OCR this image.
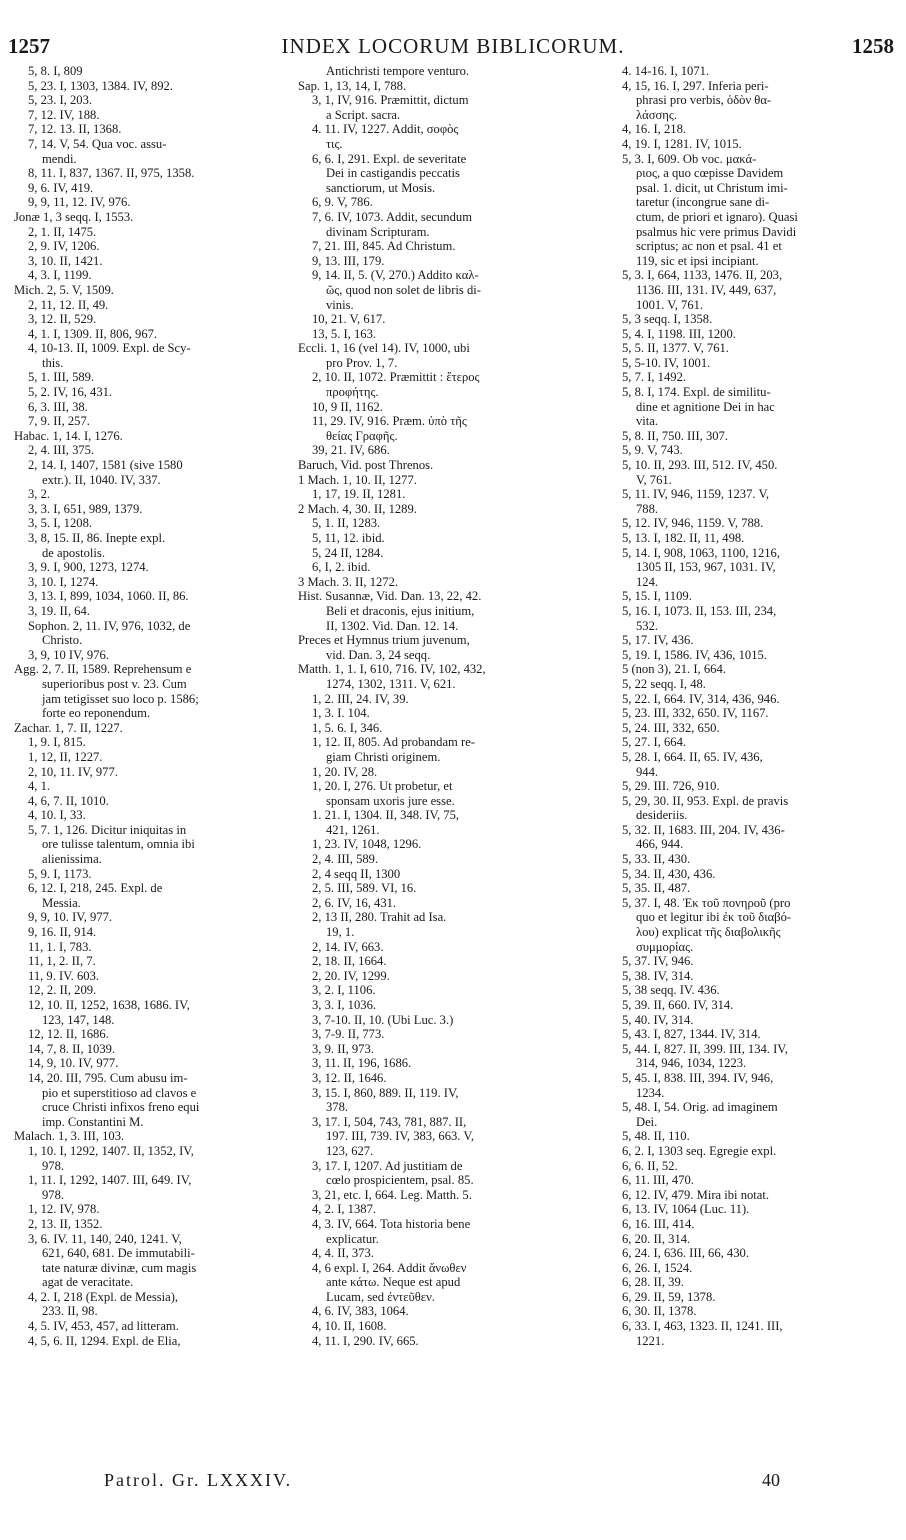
1257	INDEX LOCORUM BIBLICORUM.	1258
5, 8. I, 809
5, 23. I, 1303, 1384. IV, 892.
5, 23. I, 203.
7, 12. IV, 188.
7, 12. 13. II, 1368.
7, 14. V, 54. Qua voc. assu-
mendi.
8, 11. I, 837, 1367. II, 975, 1358.
9, 6. IV, 419.
9, 9, 11, 12. IV, 976.
Jonæ 1, 3 seqq. I, 1553.
2, 1. II, 1475.
2, 9. IV, 1206.
3, 10. II, 1421.
4, 3. I, 1199.
Mich. 2, 5. V, 1509.
2, 11, 12. II, 49.
3, 12. II, 529.
4, 1. I, 1309. II, 806, 967.
4, 10-13. II, 1009. Expl. de Scy-
this.
5, 1. III, 589.
5, 2. IV, 16, 431.
6, 3. III, 38.
7, 9. II, 257.
Habac. 1, 14. I, 1276.
2, 4. III, 375.
2, 14. I, 1407, 1581 (sive 1580
extr.). II, 1040. IV, 337.
3, 2.
3, 3. I, 651, 989, 1379.
3, 5. I, 1208.
3, 8, 15. II, 86. Inepte expl.
de apostolis.
3, 9. I, 900, 1273, 1274.
3, 10. I, 1274.
3, 13. I, 899, 1034, 1060. II, 86.
3, 19. II, 64.
Sophon. 2, 11. IV, 976, 1032, de
Christo.
3, 9, 10 IV, 976.
Agg. 2, 7. II, 1589. Reprehensum e
superioribus post v. 23. Cum
jam tetigisset suo loco p. 1586;
forte eo reponendum.
Zachar. 1, 7. II, 1227.
1, 9. I, 815.
1, 12, II, 1227.
2, 10, 11. IV, 977.
4, 1.
4, 6, 7. II, 1010.
4, 10. I, 33.
5, 7. 1, 126. Dicitur iniquitas in
ore tulisse talentum, omnia ibi
alienissima.
5, 9. I, 1173.
6, 12. I, 218, 245. Expl. de
Messia.
9, 9, 10. IV, 977.
9, 16. II, 914.
11, 1. I, 783.
11, 1, 2. II, 7.
11, 9. IV. 603.
12, 2. II, 209.
12, 10. II, 1252, 1638, 1686. IV,
123, 147, 148.
12, 12. II, 1686.
14, 7, 8. II, 1039.
14, 9, 10. IV, 977.
14, 20. III, 795. Cum abusu im-
pio et superstitioso ad clavos e
cruce Christi infixos freno equi
imp. Constantini M.
Malach. 1, 3. III, 103.
1, 10. I, 1292, 1407. II, 1352, IV,
978.
1, 11. I, 1292, 1407. III, 649. IV,
978.
1, 12. IV, 978.
2, 13. II, 1352.
3, 6. IV. 11, 140, 240, 1241. V,
621, 640, 681. De immutabili-
tate naturæ divinæ, cum magis
agat de veracitate.
4, 2. I, 218 (Expl. de Messia),
233. II, 98.
4, 5. IV, 453, 457, ad litteram.
4, 5, 6. II, 1294. Expl. de Elia,
Antichristi tempore venturo.
Sap. 1, 13, 14, I, 788.
3, 1, IV, 916. Præmittit, dictum
a Script. sacra.
4. 11. IV, 1227. Addit, σοφὸς
τις.
6, 6. I, 291. Expl. de severitate
Dei in castigandis peccatis
sanctiorum, ut Mosis.
6, 9. V, 786.
7, 6. IV, 1073. Addit, secundum
divinam Scripturam.
7, 21. III, 845. Ad Christum.
9, 13. III, 179.
9, 14. II, 5. (V, 270.) Addito καλ-
ῶς, quod non solet de libris di-
vinis.
10, 21. V, 617.
13, 5. I, 163.
Eccli. 1, 16 (vel 14). IV, 1000, ubi
pro Prov. 1, 7.
2, 10. II, 1072. Præmittit : ἕτερος
προφήτης.
10, 9 II, 1162.
11, 29. IV, 916. Præm. ὑπὸ τῆς
θείας Γραφῆς.
39, 21. IV, 686.
Baruch, Vid. post Threnos.
1 Mach. 1, 10. II, 1277.
1, 17, 19. II, 1281.
2 Mach. 4, 30. II, 1289.
5, 1. II, 1283.
5, 11, 12. ibid.
5, 24 II, 1284.
6, I, 2. ibid.
3 Mach. 3. II, 1272.
Hist. Susannæ, Vid. Dan. 13, 22, 42.
Beli et draconis, ejus initium,
II, 1302. Vid. Dan. 12. 14.
Preces et Hymnus trium juvenum,
vid. Dan. 3, 24 seqq.
Matth. 1, 1. I, 610, 716. IV, 102, 432,
1274, 1302, 1311. V, 621.
1, 2. III, 24. IV, 39.
1, 3. I. 104.
1, 5. 6. I, 346.
1, 12. II, 805. Ad probandam re-
giam Christi originem.
1, 20. IV, 28.
1, 20. I, 276. Ut probetur, et
sponsam uxoris jure esse.
1. 21. I, 1304. II, 348. IV, 75,
421, 1261.
1, 23. IV, 1048, 1296.
2, 4. III, 589.
2, 4 seqq II, 1300
2, 5. III, 589. VI, 16.
2, 6. IV, 16, 431.
2, 13 II, 280. Trahit ad Isa.
19, 1.
2, 14. IV, 663.
2, 18. II, 1664.
2, 20. IV, 1299.
3, 2. I, 1106.
3, 3. I, 1036.
3, 7-10. II, 10. (Ubi Luc. 3.)
3, 7-9. II, 773.
3, 9. II, 973.
3, 11. II, 196, 1686.
3, 12. II, 1646.
3, 15. I, 860, 889. II, 119. IV,
378.
3, 17. I, 504, 743, 781, 887. II,
197. III, 739. IV, 383, 663. V,
123, 627.
3, 17. I, 1207. Ad justitiam de
cœlo prospicientem, psal. 85.
3, 21, etc. I, 664. Leg. Matth. 5.
4, 2. I, 1387.
4, 3. IV, 664. Tota historia bene
explicatur.
4, 4. II, 373.
4, 6 expl. I, 264. Addit ἄνωθεν
ante κάτω. Neque est apud
Lucam, sed ἐντεῦθεν.
4, 6. IV, 383, 1064.
4, 10. II, 1608.
4, 11. I, 290. IV, 665.
4. 14-16. I, 1071.
4, 15, 16. I, 297. Inferia peri-
phrasi pro verbis, ὁδὸν θα-
λάσσης.
4, 16. I, 218.
4, 19. I, 1281. IV, 1015.
5, 3. I, 609. Ob voc. μακά-
ριος, a quo cœpisse Davidem
psal. 1. dicit, ut Christum imi-
taretur (incongrue sane di-
ctum, de priori et ignaro). Quasi
psalmus hic vere primus Davidi
scriptus; ac non et psal. 41 et
119, sic et ipsi incipiant.
5, 3. I, 664, 1133, 1476. II, 203,
1136. III, 131. IV, 449, 637,
1001. V, 761.
5, 3 seqq. I, 1358.
5, 4. I, 1198. III, 1200.
5, 5. II, 1377. V, 761.
5, 5-10. IV, 1001.
5, 7. I, 1492.
5, 8. I, 174. Expl. de similitu-
dine et agnitione Dei in hac
vita.
5, 8. II, 750. III, 307.
5, 9. V, 743.
5, 10. II, 293. III, 512. IV, 450.
V, 761.
5, 11. IV, 946, 1159, 1237. V,
788.
5, 12. IV, 946, 1159. V, 788.
5, 13. I, 182. II, 11, 498.
5, 14. I, 908, 1063, 1100, 1216,
1305 II, 153, 967, 1031. IV,
124.
5, 15. I, 1109.
5, 16. I, 1073. II, 153. III, 234,
532.
5, 17. IV, 436.
5, 19. I, 1586. IV, 436, 1015.
5 (non 3), 21. I, 664.
5, 22 seqq. I, 48.
5, 22. I, 664. IV, 314, 436, 946.
5, 23. III, 332, 650. IV, 1167.
5, 24. III, 332, 650.
5, 27. I, 664.
5, 28. I, 664. II, 65. IV, 436,
944.
5, 29. III. 726, 910.
5, 29, 30. II, 953. Expl. de pravis
desideriis.
5, 32. II, 1683. III, 204. IV, 436-
466, 944.
5, 33. II, 430.
5, 34. II, 430, 436.
5, 35. II, 487.
5, 37. I, 48. Ἐκ τοῦ πονηροῦ (pro
quo et legitur ibi ἐκ τοῦ διαβό-
λου) explicat τῆς διαβολικῆς
συμμορίας.
5, 37. IV, 946.
5, 38. IV, 314.
5, 38 seqq. IV. 436.
5, 39. II, 660. IV, 314.
5, 40. IV, 314.
5, 43. I, 827, 1344. IV, 314.
5, 44. I, 827. II, 399. III, 134. IV,
314, 946, 1034, 1223.
5, 45. I, 838. III, 394. IV, 946,
1234.
5, 48. I, 54. Orig. ad imaginem
Dei.
5, 48. II, 110.
6, 2. I, 1303 seq. Egregie expl.
6, 6. II, 52.
6, 11. III, 470.
6, 12. IV, 479. Mira ibi notat.
6, 13. IV, 1064 (Luc. 11).
6, 16. III, 414.
6, 20. II, 314.
6, 24. I, 636. III, 66, 430.
6, 26. I, 1524.
6, 28. II, 39.
6, 29. II, 59, 1378.
6, 30. II, 1378.
6, 33. I, 463, 1323. II, 1241. III,
1221.
Patrol. Gr. LXXXIV.	40
